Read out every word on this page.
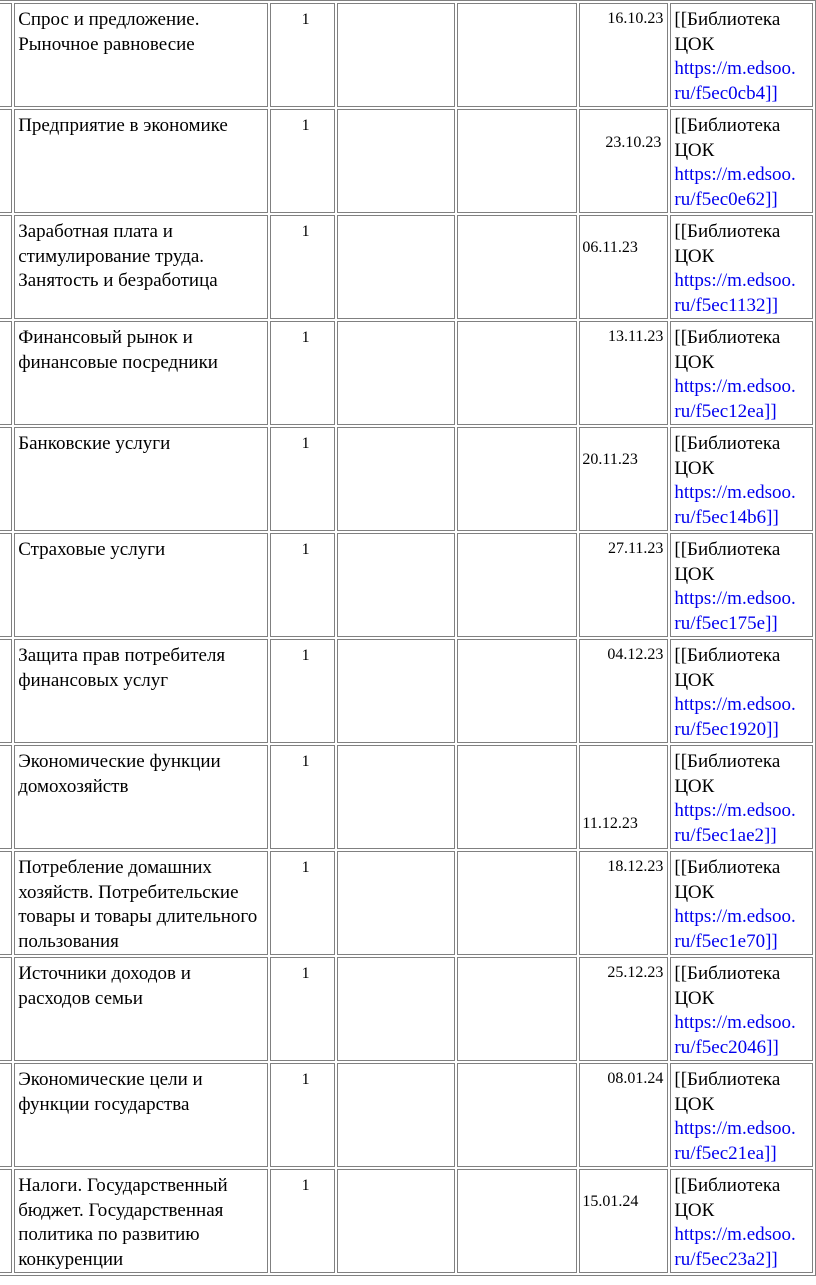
	Спрос и предложение. Рыночное равновесие	1			16.10.23	[[Библиотека
ЦОК
https://m.edsoo.
ru/f5ec0cb4]]

	Предприятие в экономике	1			23.10.23	[[Библиотека
ЦОК
https://m.edsoo.
ru/f5ec0e62]]

	Заработная плата и стимулирование труда. Занятость и безработица	1			06.11.23	[[Библиотека
ЦОК
https://m.edsoo.
ru/f5ec1132]]

	Финансовый рынок и финансовые посредники	1			13.11.23	[[Библиотека
ЦОК
https://m.edsoo.
ru/f5ec12ea]]

	Банковские услуги	1			20.11.23	[[Библиотека
ЦОК
https://m.edsoo.
ru/f5ec14b6]]

	Страховые услуги	1			27.11.23	[[Библиотека
ЦОК
https://m.edsoo.
ru/f5ec175e]]

	Защита прав потребителя финансовых услуг	1			04.12.23	[[Библиотека
ЦОК
https://m.edsoo.
ru/f5ec1920]]

	Экономические функции домохозяйств	1			11.12.23	[[Библиотека
ЦОК
https://m.edsoo.
ru/f5ec1ae2]]

	Потребление домашних хозяйств. Потребительские товары и товары длительного пользования	1			18.12.23	[[Библиотека
ЦОК
https://m.edsoo.
ru/f5ec1e70]]

	Источники доходов и расходов семьи	1			25.12.23	[[Библиотека
ЦОК
https://m.edsoo.
ru/f5ec2046]]

	Экономические цели и функции государства	1			08.01.24	[[Библиотека
ЦОК
https://m.edsoo.
ru/f5ec21ea]]

	Налоги. Государственный бюджет. Государственная политика по развитию конкуренции	1			15.01.24	[[Библиотека
ЦОК
https://m.edsoo.
ru/f5ec23a2]]
